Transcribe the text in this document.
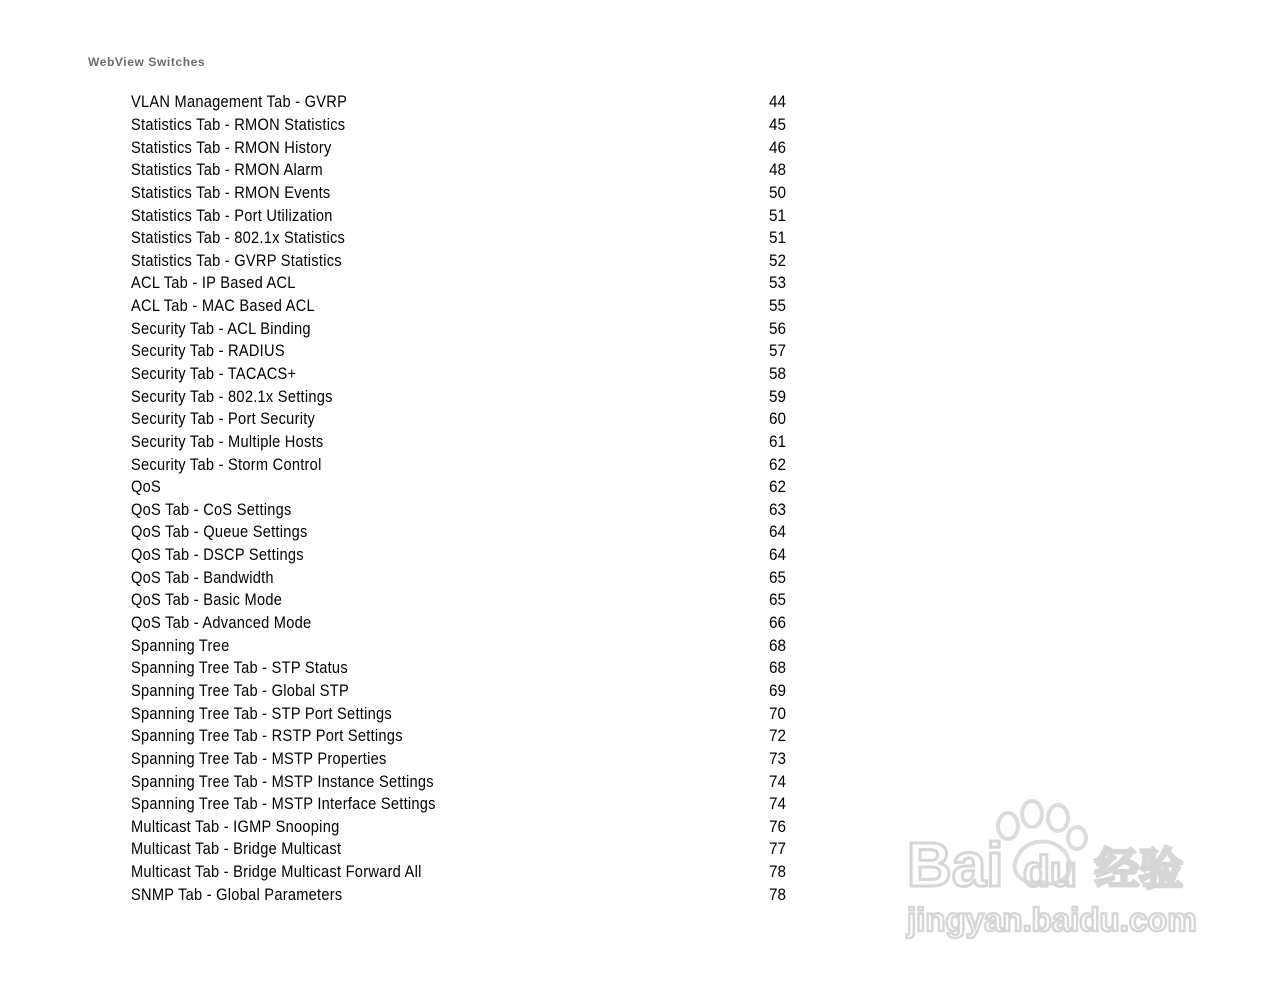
WebView Switches
VLAN Management Tab - GVRP	44
Statistics Tab - RMON Statistics	45
Statistics Tab - RMON History	46
Statistics Tab - RMON Alarm	48
Statistics Tab - RMON Events	50
Statistics Tab - Port Utilization	51
Statistics Tab - 802.1x Statistics	51
Statistics Tab - GVRP Statistics	52
ACL Tab - IP Based ACL	53
ACL Tab - MAC Based ACL	55
Security Tab - ACL Binding	56
Security Tab - RADIUS	57
Security Tab - TACACS+	58
Security Tab - 802.1x Settings	59
Security Tab - Port Security	60
Security Tab - Multiple Hosts	61
Security Tab - Storm Control	62
QoS	62
QoS Tab - CoS Settings	63
QoS Tab - Queue Settings	64
QoS Tab - DSCP Settings	64
QoS Tab - Bandwidth	65
QoS Tab - Basic Mode	65
QoS Tab - Advanced Mode	66
Spanning Tree	68
Spanning Tree Tab - STP Status	68
Spanning Tree Tab - Global STP	69
Spanning Tree Tab - STP Port Settings	70
Spanning Tree Tab - RSTP Port Settings	72
Spanning Tree Tab - MSTP Properties	73
Spanning Tree Tab - MSTP Instance Settings	74
Spanning Tree Tab - MSTP Interface Settings	74
Multicast Tab - IGMP Snooping	76
Multicast Tab - Bridge Multicast	77
Multicast Tab - Bridge Multicast Forward All	78
SNMP Tab - Global Parameters	78 Bai du 经验
jingyan.baidu.com
